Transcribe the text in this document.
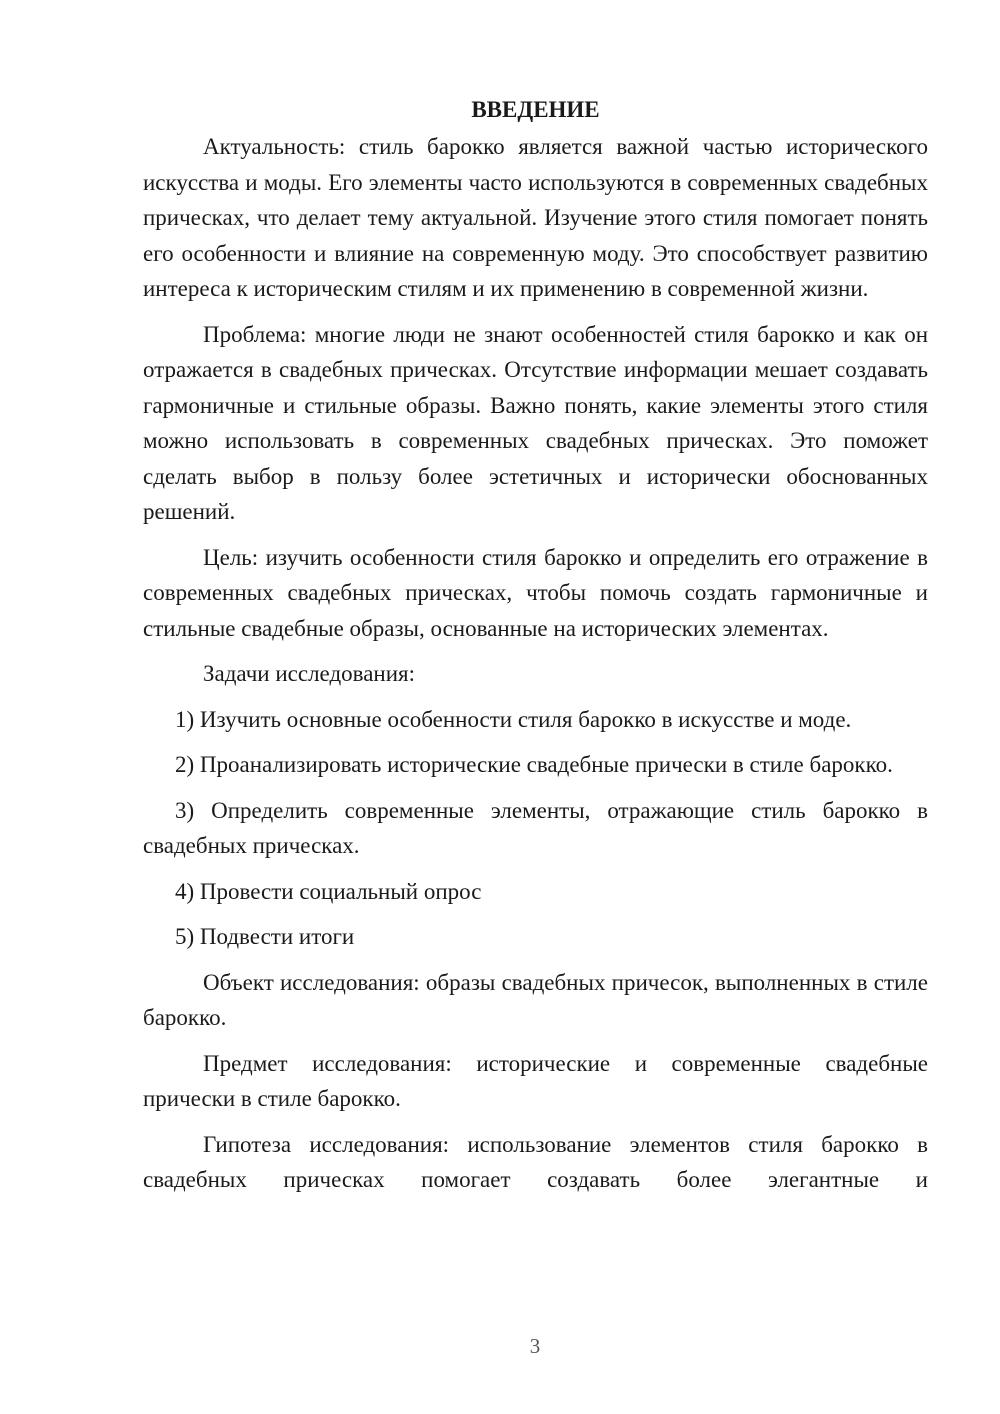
ВВЕДЕНИЕ

Актуальность: стиль барокко является важной частью исторического искусства и моды. Его элементы часто используются в современных свадебных прическах, что делает тему актуальной. Изучение этого стиля помогает понять его особенности и влияние на современную моду. Это способствует развитию интереса к историческим стилям и их применению в современной жизни.

Проблема: многие люди не знают особенностей стиля барокко и как он отражается в свадебных прическах. Отсутствие информации мешает создавать гармоничные и стильные образы. Важно понять, какие элементы этого стиля можно использовать в современных свадебных прическах. Это поможет сделать выбор в пользу более эстетичных и исторически обоснованных решений.

Цель: изучить особенности стиля барокко и определить его отражение в современных свадебных прическах, чтобы помочь создать гармоничные и стильные свадебные образы, основанные на исторических элементах.

Задачи исследования:

1) Изучить основные особенности стиля барокко в искусстве и моде.

2) Проанализировать исторические свадебные прически в стиле барокко.

3) Определить современные элементы, отражающие стиль барокко в свадебных прическах.

4) Провести социальный опрос

5) Подвести итоги

Объект исследования: образы свадебных причесок, выполненных в стиле барокко.

Предмет исследования: исторические и современные свадебные прически в стиле барокко.

Гипотеза исследования: использование элементов стиля барокко в свадебных прическах помогает создавать более элегантные и

3
